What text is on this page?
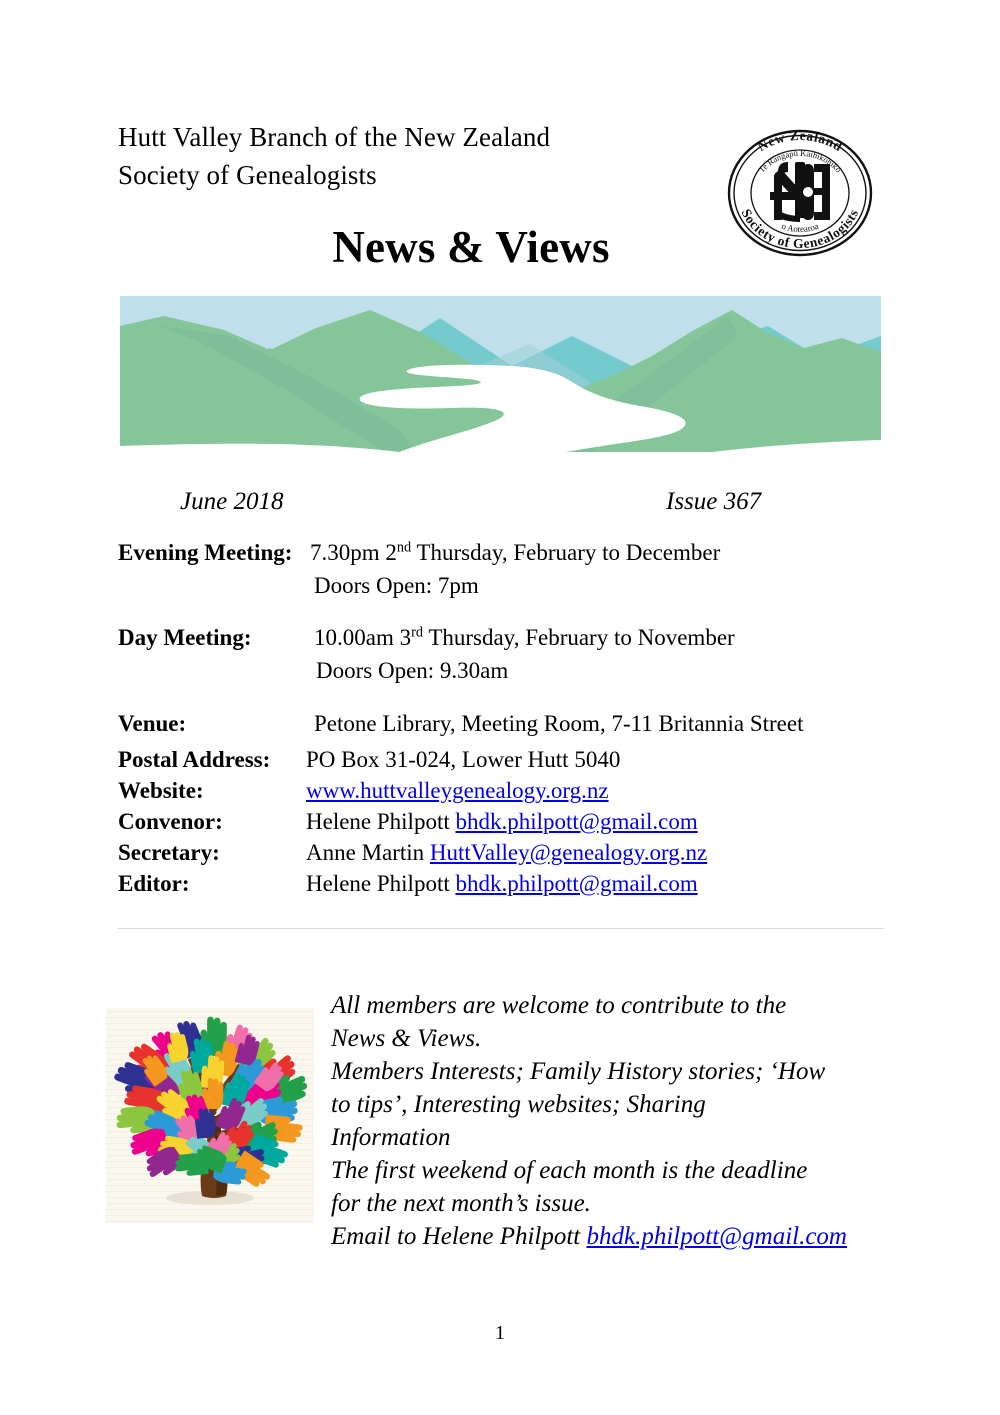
Hutt Valley Branch of the New Zealand
Society of Genealogists
News & Views
New Zealand
Society of Genealogists
Te Rangapū Kaihikohiko
o Aotearoa
June 2018	Issue 367
Evening Meeting: 7.30pm 2nd Thursday, February to December
Doors Open: 7pm
Day Meeting:	10.00am 3rd Thursday, February to November
Doors Open: 9.30am
Venue:	Petone Library, Meeting Room, 7-11 Britannia Street
Postal Address:	PO Box 31-024, Lower Hutt 5040
Website:	www.huttvalleygenealogy.org.nz
Convenor:	Helene Philpott bhdk.philpott@gmail.com
Secretary:	Anne Martin HuttValley@genealogy.org.nz
Editor:	Helene Philpott bhdk.philpott@gmail.com

All members are welcome to contribute to the

News & Views.

Members Interests; Family History stories; ‘How

to tips’, Interesting websites; Sharing

Information

The first weekend of each month is the deadline

for the next month’s issue.

Email to Helene Philpott bhdk.philpott@gmail.com

1
